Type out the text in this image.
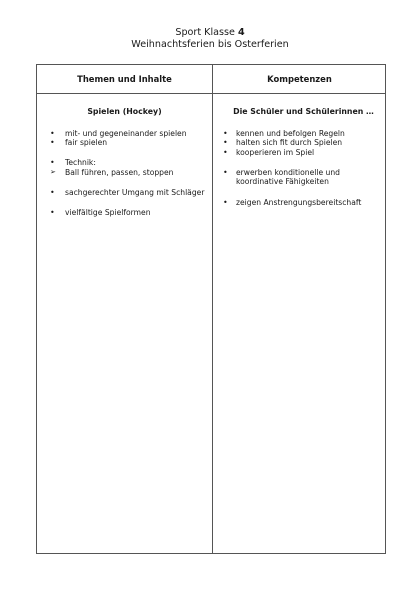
Sport Klasse 4
Weihnachtsferien bis Osterferien
Themen und Inhalte	Kompetenzen
Spielen (Hockey)
• mit- und gegeneinander spielen
• fair spielen
• Technik:
➢ Ball führen, passen, stoppen
• sachgerechter Umgang mit Schläger
• vielfältige Spielformen
Die Schüler und Schülerinnen …
• kennen und befolgen Regeln
• halten sich fit durch Spielen
• kooperieren im Spiel
• erwerben konditionelle und koordinative Fähigkeiten
• zeigen Anstrengungsbereitschaft
